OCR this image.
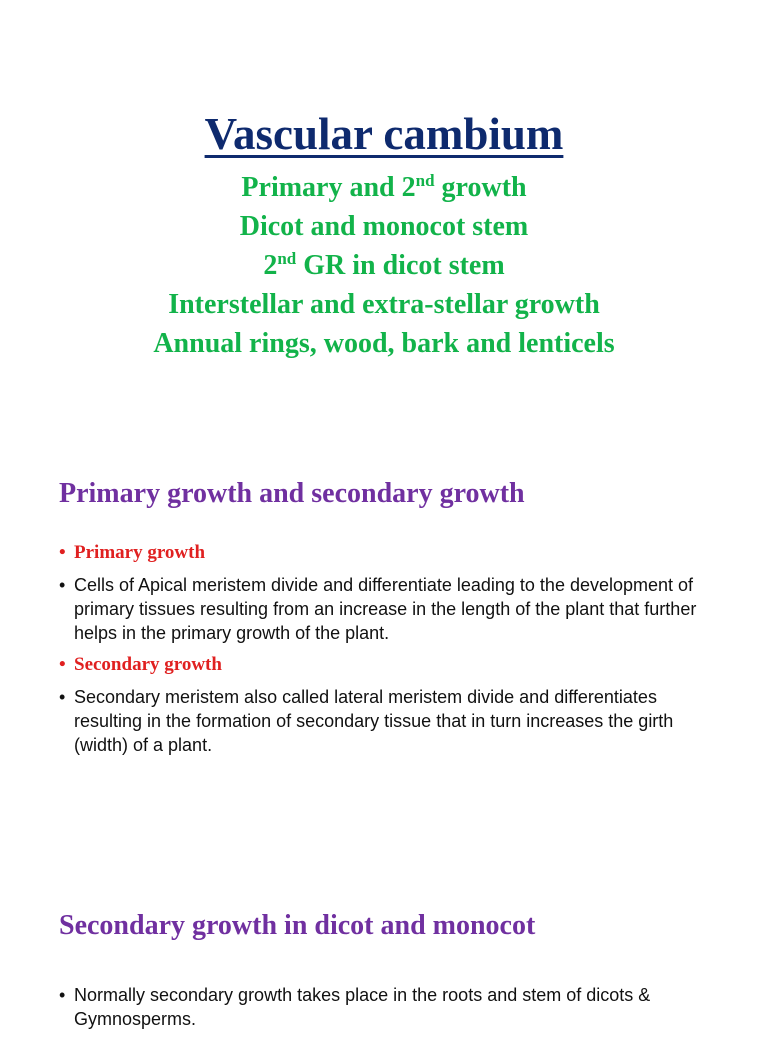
Vascular cambium
Primary and 2nd growth
Dicot and monocot stem
2nd GR in dicot stem
Interstellar and extra-stellar growth
Annual rings, wood, bark and lenticels
Primary growth and secondary growth
• Primary growth
• Cells of Apical meristem divide and differentiate leading to the development of primary tissues resulting from an increase in the length of the plant that further helps in the primary growth of the plant.
• Secondary growth
• Secondary meristem also called lateral meristem divide and differentiates resulting in the formation of secondary tissue that in turn increases the girth (width) of a plant.
Secondary growth in dicot and monocot
• Normally secondary growth takes place in the roots and stem of dicots & Gymnosperms.
